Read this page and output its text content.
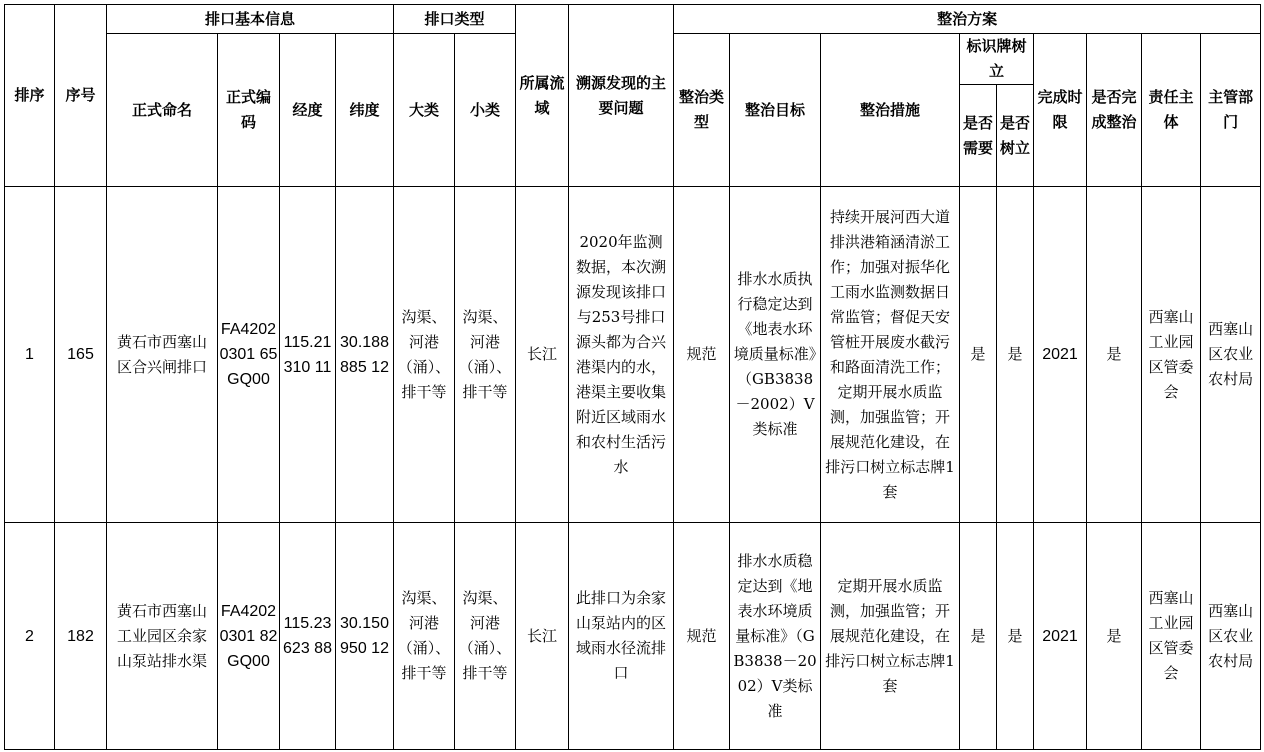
排序	序号	排口基本信息				排口类型		所属流域	溯源发现的主要问题	整治方案								
		正式命名	正式编码	经度	纬度	大类	小类			整治类型	整治目标	整治措施	标识牌树立		完成时限	是否完成整治	责任主体	主管部门
													是否需要	是否树立				
1	165	黄石市西塞山区合兴闸排口	FA42020301 65GQ00	115.21310 11	30.188885 12	沟渠、河港（涌）、排干等	沟渠、河港（涌）、排干等	长江	2020年监测数据，本次溯源发现该排口与253号排口源头都为合兴港渠内的水，港渠主要收集附近区域雨水和农村生活污水	规范	排水水质执行稳定达到《地表水环境质量标准》（GB3838－2002）V类标准	持续开展河西大道排洪港箱涵清淤工作；加强对振华化工雨水监测数据日常监管；督促天安管桩开展废水截污和路面清洗工作；定期开展水质监测，加强监管；开展规范化建设，在排污口树立标志牌1套	是	是	2021	是	西塞山工业园区管委会	西塞山区农业农村局
2	182	黄石市西塞山工业园区余家山泵站排水渠	FA42020301 82GQ00	115.23623 88	30.150950 12	沟渠、河港（涌）、排干等	沟渠、河港（涌）、排干等	长江	此排口为余家山泵站内的区域雨水径流排口	规范	排水水质稳定达到《地表水环境质量标准》（GB3838－2002）V类标准	定期开展水质监测，加强监管；开展规范化建设，在排污口树立标志牌1套	是	是	2021	是	西塞山工业园区管委会	西塞山区农业农村局
